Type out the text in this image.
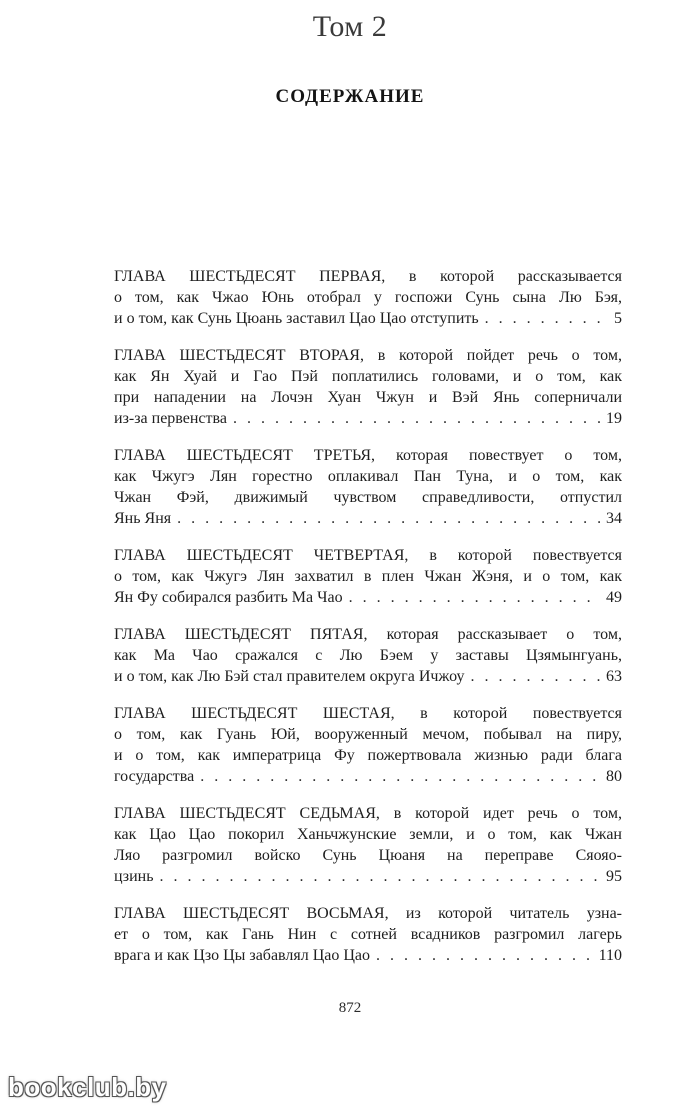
Том 2
СОДЕРЖАНИЕ
ГЛАВА ШЕСТЬДЕСЯТ ПЕРВАЯ, в которой рассказывается
о том, как Чжао Юнь отобрал у госпожи Сунь сына Лю Бэя,
и о том, как Сунь Цюань заставил Цао Цао отступить . . .	5
ГЛАВА ШЕСТЬДЕСЯТ ВТОРАЯ, в которой пойдет речь о том,
как Ян Хуай и Гао Пэй поплатились головами, и о том, как
при нападении на Лочэн Хуан Чжун и Вэй Янь соперничали
из-за первенства . . .	19
ГЛАВА ШЕСТЬДЕСЯТ ТРЕТЬЯ, которая повествует о том,
как Чжугэ Лян горестно оплакивал Пан Туна, и о том, как
Чжан Фэй, движимый чувством справедливости, отпустил
Янь Яня . . .	34
ГЛАВА ШЕСТЬДЕСЯТ ЧЕТВЕРТАЯ, в которой повествуется
о том, как Чжугэ Лян захватил в плен Чжан Жэня, и о том, как
Ян Фу собирался разбить Ма Чао . . .	49
ГЛАВА ШЕСТЬДЕСЯТ ПЯТАЯ, которая рассказывает о том,
как Ма Чао сражался с Лю Бэем у заставы Цзямынгуань,
и о том, как Лю Бэй стал правителем округа Ичжоу . . .	63
ГЛАВА ШЕСТЬДЕСЯТ ШЕСТАЯ, в которой повествуется
о том, как Гуань Юй, вооруженный мечом, побывал на пиру,
и о том, как императрица Фу пожертвовала жизнью ради блага
государства . . .	80
ГЛАВА ШЕСТЬДЕСЯТ СЕДЬМАЯ, в которой идет речь о том,
как Цао Цао покорил Ханьчжунские земли, и о том, как Чжан
Ляо разгромил войско Сунь Цюаня на переправе Сяояо-
цзинь . . .	95
ГЛАВА ШЕСТЬДЕСЯТ ВОСЬМАЯ, из которой читатель узна-
ет о том, как Гань Нин с сотней всадников разгромил лагерь
врага и как Цзо Цы забавлял Цао Цао . . .	110
872
bookclub.by
